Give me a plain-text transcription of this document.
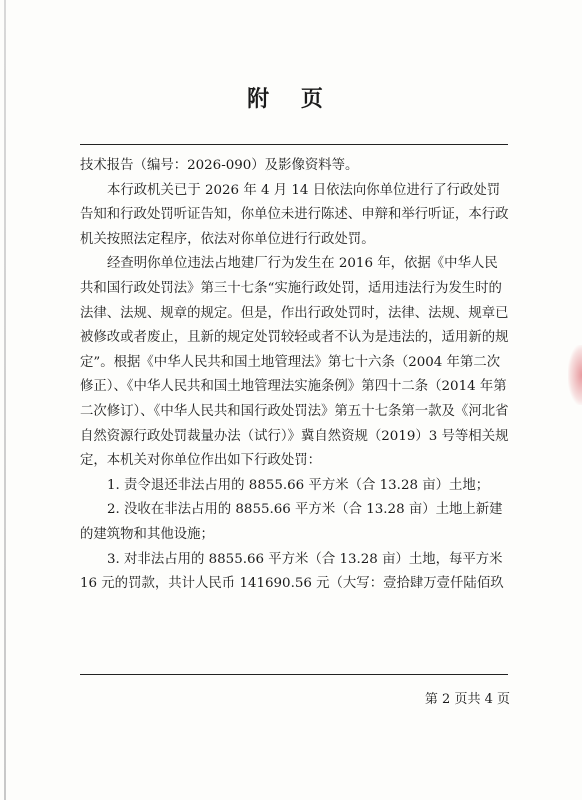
附 页

技术报告（编号：2026-090）及影像资料等。

本行政机关已于 2026 年 4 月 14 日依法向你单位进行了行政处罚告知和行政处罚听证告知，你单位未进行陈述、申辩和举行听证，本行政机关按照法定程序，依法对你单位进行行政处罚。

经查明你单位违法占地建厂行为发生在 2016 年，依据《中华人民共和国行政处罚法》第三十七条“实施行政处罚，适用违法行为发生时的法律、法规、规章的规定。但是，作出行政处罚时，法律、法规、规章已被修改或者废止，且新的规定处罚较轻或者不认为是违法的，适用新的规定”。根据《中华人民共和国土地管理法》第七十六条（2004 年第二次修正）、《中华人民共和国土地管理法实施条例》第四十二条（2014 年第二次修订）、《中华人民共和国行政处罚法》第五十七条第一款及《河北省自然资源行政处罚裁量办法（试行）》冀自然资规（2019）3 号等相关规定，本机关对你单位作出如下行政处罚：

1. 责令退还非法占用的 8855.66 平方米（合 13.28 亩）土地；

2. 没收在非法占用的 8855.66 平方米（合 13.28 亩）土地上新建的建筑物和其他设施；

3. 对非法占用的 8855.66 平方米（合 13.28 亩）土地，每平方米 16 元的罚款，共计人民币 141690.56 元（大写：壹拾肆万壹仟陆佰玖

第 2 页共 4 页
